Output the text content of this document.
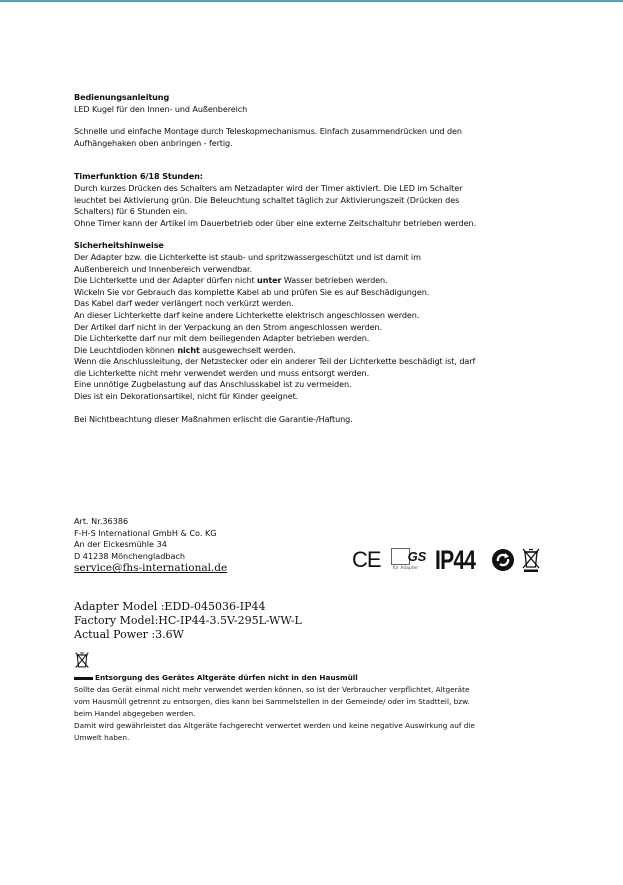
Bedienungsanleitung

LED Kugel für den Innen- und Außenbereich

Schnelle und einfache Montage durch Teleskopmechanismus. Einfach zusammendrücken und den

Aufhängehaken oben anbringen - fertig.

Timerfunktion 6/18 Stunden:

Durch kurzes Drücken des Schalters am Netzadapter wird der Timer aktiviert. Die LED im Schalter

leuchtet bei Aktivierung grün. Die Beleuchtung schaltet täglich zur Aktivierungszeit (Drücken des

Schalters) für 6 Stunden ein.

Ohne Timer kann der Artikel im Dauerbetrieb oder über eine externe Zeitschaltuhr betrieben werden.

Sicherheitshinweise

Der Adapter bzw. die Lichterkette ist staub- und spritzwassergeschützt und ist damit im

Außenbereich und Innenbereich verwendbar.

Die Lichterkette und der Adapter dürfen nicht unter Wasser betrieben werden.

Wickeln Sie vor Gebrauch das komplette Kabel ab und prüfen Sie es auf Beschädigungen.

Das Kabel darf weder verlängert noch verkürzt werden.

An dieser Lichterkette darf keine andere Lichterkette elektrisch angeschlossen werden.

Der Artikel darf nicht in der Verpackung an den Strom angeschlossen werden.

Die Lichterkette darf nur mit dem beiliegenden Adapter betrieben werden.

Die Leuchtdioden können nicht ausgewechselt werden.

Wenn die Anschlussleitung, der Netzstecker oder ein anderer Teil der Lichterkette beschädigt ist, darf

die Lichterkette nicht mehr verwendet werden und muss entsorgt werden.

Eine unnötige Zugbelastung auf das Anschlusskabel ist zu vermeiden.

Dies ist ein Dekorationsartikel, nicht für Kinder geeignet.

Bei Nichtbeachtung dieser Maßnahmen erlischt die Garantie-/Haftung.

Art. Nr.36386
F-H-S International GmbH & Co. KG
An der Eickesmühle 34
D 41238 Mönchengladbach
service@fhs-international.de	CE GS
für Adapter IP44
Adapter Model :EDD-045036-IP44
Factory Model:HC-IP44-3.5V-295L-WW-L
Actual Power :3.6W

Entsorgung des Gerätes Altgeräte dürfen nicht in den Hausmüll

Sollte das Gerät einmal nicht mehr verwendet werden können, so ist der Verbraucher verpflichtet, Altgeräte

vom Hausmüll getrennt zu entsorgen, dies kann bei Sammelstellen in der Gemeinde/ oder im Stadtteil, bzw.

beim Handel abgegeben werden.

Damit wird gewährleistet das Altgeräte fachgerecht verwertet werden und keine negative Auswirkung auf die

Umwelt haben.
